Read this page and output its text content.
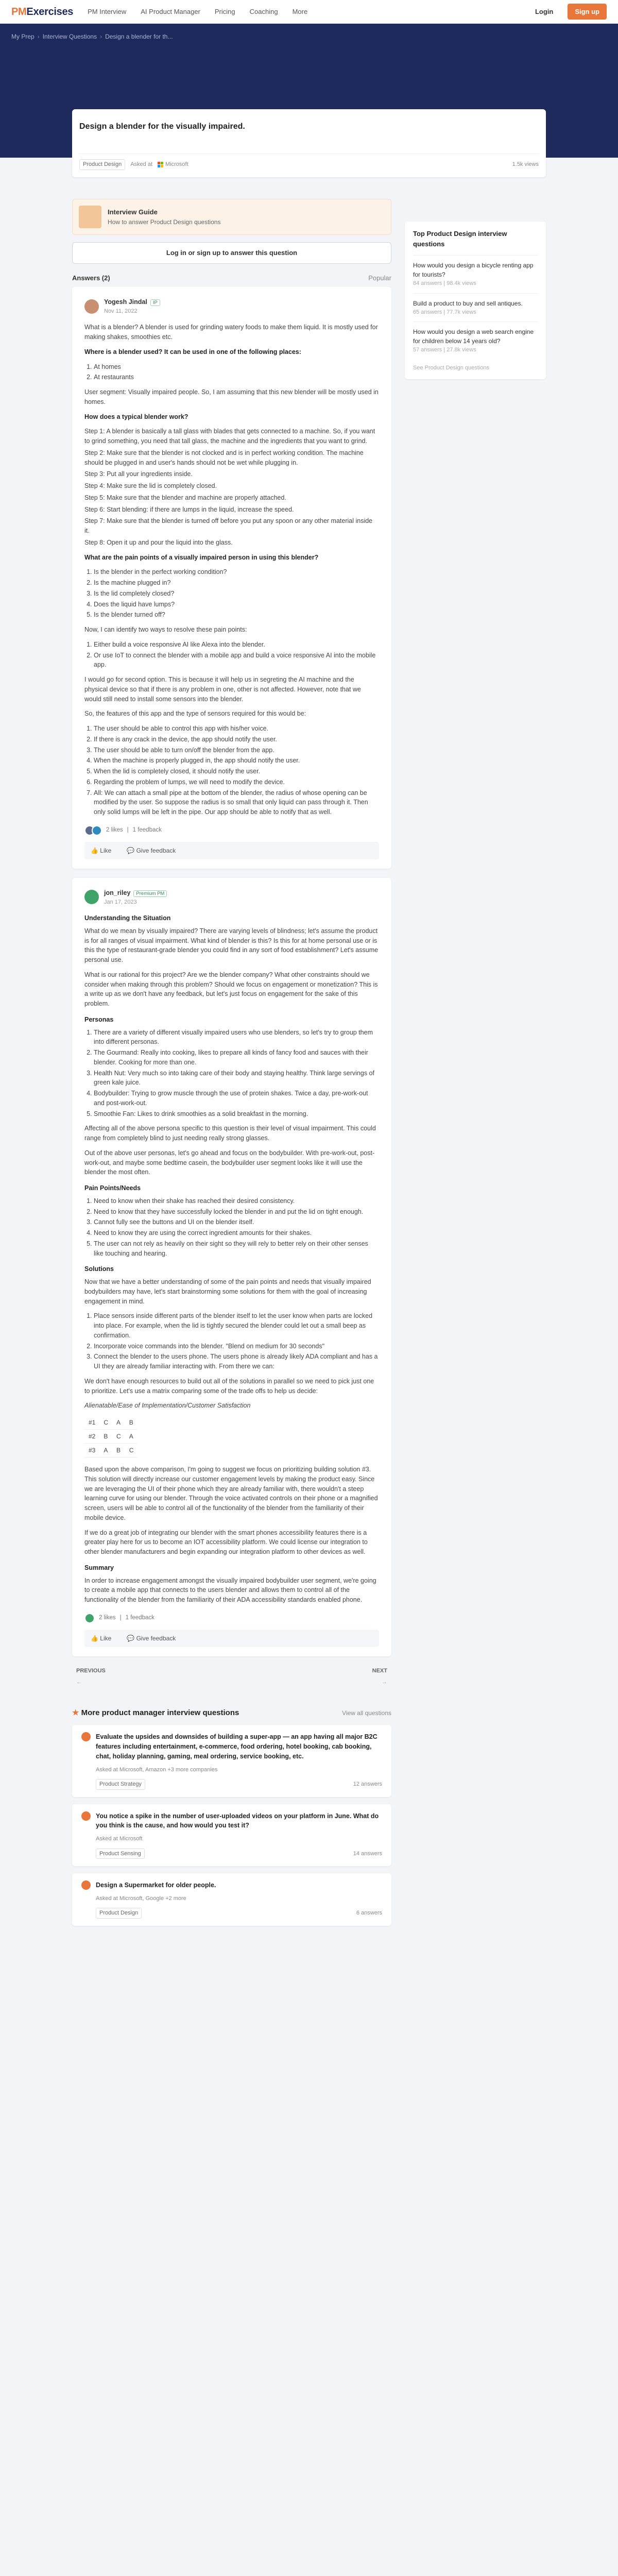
PMExercises PM Interview AI Product Manager Pricing Coaching More	Login	Sign up
My Prep › Interview Questions › Design a blender for th...
Design a blender for the visually impaired.
Product Design	Asked at	Microsoft	1.5k views
Interview Guide
How to answer Product Design questions
Log in or sign up to answer this question
Answers (2)	Popular
Yogesh Jindal IP
Nov 11, 2022

What is a blender? A blender is used for grinding watery foods to make them liquid. It is mostly used for making shakes, smoothies etc.

Where is a blender used? It can be used in one of the following places:

1. At homes
2. At restaurants

User segment: Visually impaired people. So, I am assuming that this new blender will be mostly used in homes.

How does a typical blender work?

Step 1: A blender is basically a tall glass with blades that gets connected to a machine. So, if you want to grind something, you need that tall glass, the machine and the ingredients that you want to grind.

Step 2: Make sure that the blender is not clocked and is in perfect working condition. The machine should be plugged in and user's hands should not be wet while plugging in.

Step 3: Put all your ingredients inside.

Step 4: Make sure the lid is completely closed.

Step 5: Make sure that the blender and machine are properly attached.

Step 6: Start blending: if there are lumps in the liquid, increase the speed.

Step 7: Make sure that the blender is turned off before you put any spoon or any other material inside it.

Step 8: Open it up and pour the liquid into the glass.

What are the pain points of a visually impaired person in using this blender?

1. Is the blender in the perfect working condition?
2. Is the machine plugged in?
3. Is the lid completely closed?
4. Does the liquid have lumps?
5. Is the blender turned off?

Now, I can identify two ways to resolve these pain points:

1. Either build a voice responsive AI like Alexa into the blender.
2. Or use IoT to connect the blender with a mobile app and build a voice responsive AI into the mobile app.

I would go for second option. This is because it will help us in segreting the AI machine and the physical device so that if there is any problem in one, other is not affected. However, note that we would still need to install some sensors into the blender.

So, the features of this app and the type of sensors required for this would be:

1. The user should be able to control this app with his/her voice.
2. If there is any crack in the device, the app should notify the user.
3. The user should be able to turn on/off the blender from the app.
4. When the machine is properly plugged in, the app should notify the user.
5. When the lid is completely closed, it should notify the user.
6. Regarding the problem of lumps, we will need to modify the device.
7. All: We can attach a small pipe at the bottom of the blender, the radius of whose opening can be modified by the user. So suppose the radius is so small that only liquid can pass through it. Then only solid lumps will be left in the pipe. Our app should be able to notify that as well.
2 likes | 1 feedback
👍 Like	💬 Give feedback
jon_riley Premium PM
Jan 17, 2023
Understanding the Situation

What do we mean by visually impaired? There are varying levels of blindness; let's assume the product is for all ranges of visual impairment. What kind of blender is this? Is this for at home personal use or is this the type of restaurant-grade blender you could find in any sort of food establishment? Let's assume personal use.

What is our rational for this project? Are we the blender company? What other constraints should we consider when making through this problem? Should we focus on engagement or monetization? This is a write up as we don't have any feedback, but let's just focus on engagement for the sake of this problem.

Personas
1. There are a variety of different visually impaired users who use blenders, so let's try to group them into different personas.
2. The Gourmand: Really into cooking, likes to prepare all kinds of fancy food and sauces with their blender. Cooking for more than one.
3. Health Nut: Very much so into taking care of their body and staying healthy. Think large servings of green kale juice.
4. Bodybuilder: Trying to grow muscle through the use of protein shakes. Twice a day, pre-work-out and post-work-out.
5. Smoothie Fan: Likes to drink smoothies as a solid breakfast in the morning.

Affecting all of the above persona specific to this question is their level of visual impairment. This could range from completely blind to just needing really strong glasses.

Out of the above user personas, let's go ahead and focus on the bodybuilder. With pre-work-out, post-work-out, and maybe some bedtime casein, the bodybuilder user segment looks like it will use the blender the most often.

Pain Points/Needs
1. Need to know when their shake has reached their desired consistency.
2. Need to know that they have successfully locked the blender in and put the lid on tight enough.
3. Cannot fully see the buttons and UI on the blender itself.
4. Need to know they are using the correct ingredient amounts for their shakes.
5. The user can not rely as heavily on their sight so they will rely to better rely on their other senses like touching and hearing.
Solutions

Now that we have a better understanding of some of the pain points and needs that visually impaired bodybuilders may have, let's start brainstorming some solutions for them with the goal of increasing engagement in mind.

1. Place sensors inside different parts of the blender itself to let the user know when parts are locked into place. For example, when the lid is tightly secured the blender could let out a small beep as confirmation.
2. Incorporate voice commands into the blender. "Blend on medium for 30 seconds"
3. Connect the blender to the users phone. The users phone is already likely ADA compliant and has a UI they are already familiar interacting with. From there we can:

We don't have enough resources to build out all of the solutions in parallel so we need to pick just one to prioritize. Let's use a matrix comparing some of the trade offs to help us decide:

Alienatable/Ease of Implementation/Customer Satisfaction

#1	C	A	B
#2	B	C	A
#3	A	B	C

Based upon the above comparison, I'm going to suggest we focus on prioritizing building solution #3. This solution will directly increase our customer engagement levels by making the product easy. Since we are leveraging the UI of their phone which they are already familiar with, there wouldn't a steep learning curve for using our blender. Through the voice activated controls on their phone or a magnified screen, users will be able to control all of the functionality of the blender from the familiarity of their mobile device.

If we do a great job of integrating our blender with the smart phones accessibility features there is a greater play here for us to become an IOT accessibility platform. We could license our integration to other blender manufacturers and begin expanding our integration platform to other devices as well.

Summary

In order to increase engagement amongst the visually impaired bodybuilder user segment, we're going to create a mobile app that connects to the users blender and allows them to control all of the functionality of the blender from the familiarity of their ADA accessibility standards enabled phone.

2 likes | 1 feedback
👍 Like	💬 Give feedback
PREVIOUS
←
NEXT
→
★ More product manager interview questions	View all questions
Evaluate the upsides and downsides of building a super-app — an app having all major B2C features including entertainment, e-commerce, food ordering, hotel booking, cab booking, chat, holiday planning, gaming, meal ordering, service booking, etc.
Asked at Microsoft, Amazon +3 more companies
Product Strategy	12 answers
You notice a spike in the number of user-uploaded videos on your platform in June. What do you think is the cause, and how would you test it?
Asked at Microsoft
Product Sensing	14 answers
Design a Supermarket for older people.
Asked at Microsoft, Google +2 more
Product Design	6 answers
Top Product Design interview questions
How would you design a bicycle renting app for tourists?
84 answers | 98.4k views
Build a product to buy and sell antiques.
65 answers | 77.7k views
How would you design a web search engine for children below 14 years old?
57 answers | 27.8k views
See Product Design questions
